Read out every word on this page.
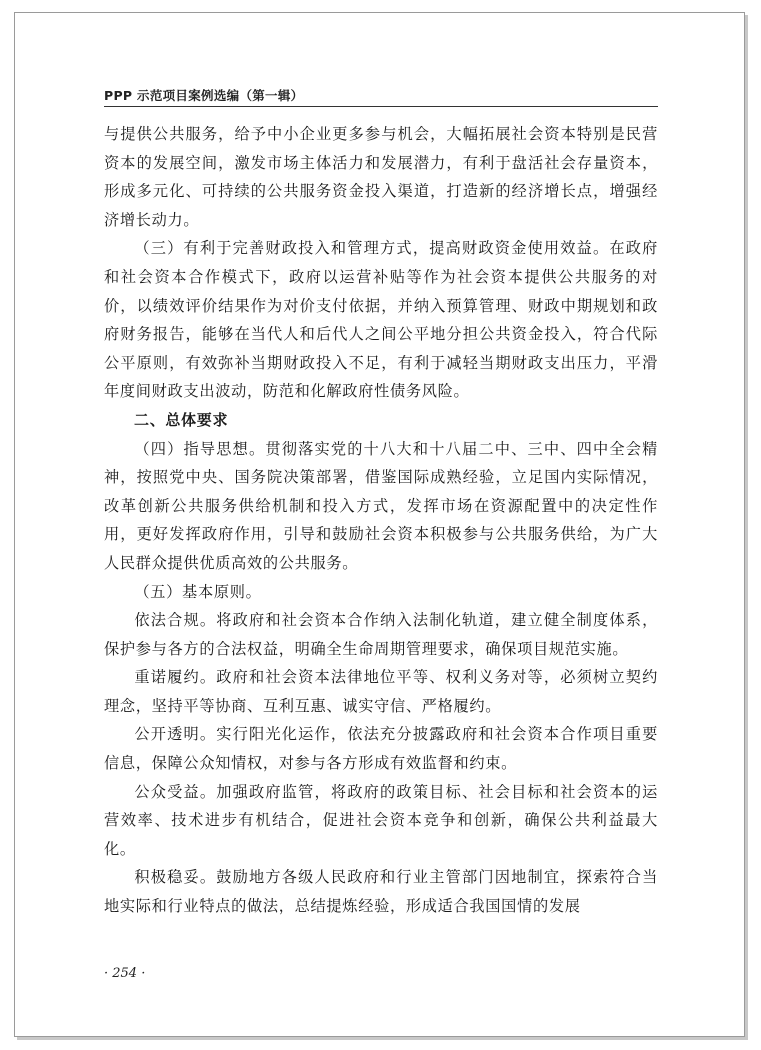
PPP 示范项目案例选编（第一辑）

与提供公共服务，给予中小企业更多参与机会，大幅拓展社会资本特别是民营资本的发展空间，激发市场主体活力和发展潜力，有利于盘活社会存量资本，形成多元化、可持续的公共服务资金投入渠道，打造新的经济增长点，增强经济增长动力。

（三）有利于完善财政投入和管理方式，提高财政资金使用效益。在政府和社会资本合作模式下，政府以运营补贴等作为社会资本提供公共服务的对价，以绩效评价结果作为对价支付依据，并纳入预算管理、财政中期规划和政府财务报告，能够在当代人和后代人之间公平地分担公共资金投入，符合代际公平原则，有效弥补当期财政投入不足，有利于减轻当期财政支出压力，平滑年度间财政支出波动，防范和化解政府性债务风险。

二、总体要求

（四）指导思想。贯彻落实党的十八大和十八届二中、三中、四中全会精神，按照党中央、国务院决策部署，借鉴国际成熟经验，立足国内实际情况，改革创新公共服务供给机制和投入方式，发挥市场在资源配置中的决定性作用，更好发挥政府作用，引导和鼓励社会资本积极参与公共服务供给，为广大人民群众提供优质高效的公共服务。

（五）基本原则。

依法合规。将政府和社会资本合作纳入法制化轨道，建立健全制度体系，保护参与各方的合法权益，明确全生命周期管理要求，确保项目规范实施。

重诺履约。政府和社会资本法律地位平等、权利义务对等，必须树立契约理念，坚持平等协商、互利互惠、诚实守信、严格履约。

公开透明。实行阳光化运作，依法充分披露政府和社会资本合作项目重要信息，保障公众知情权，对参与各方形成有效监督和约束。

公众受益。加强政府监管，将政府的政策目标、社会目标和社会资本的运营效率、技术进步有机结合，促进社会资本竞争和创新，确保公共利益最大化。

积极稳妥。鼓励地方各级人民政府和行业主管部门因地制宜，探索符合当地实际和行业特点的做法，总结提炼经验，形成适合我国国情的发展

· 254 ·
